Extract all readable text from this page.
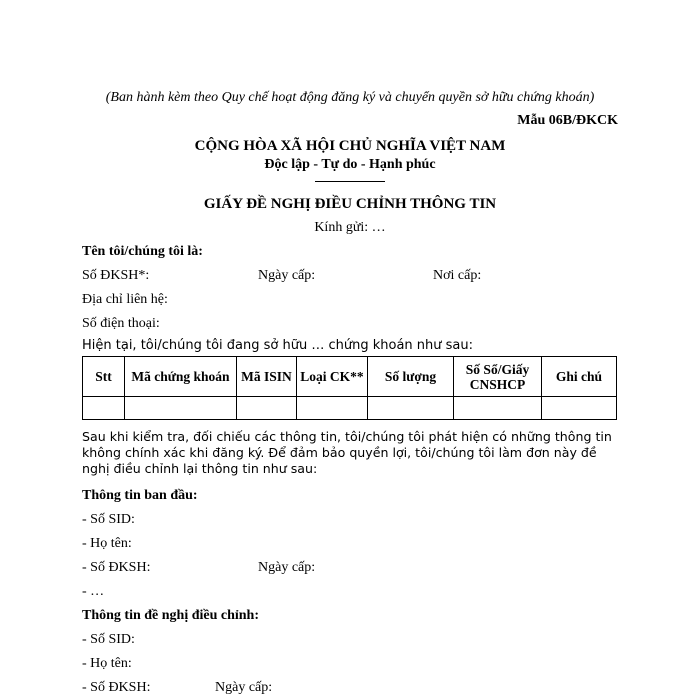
(Ban hành kèm theo Quy chế hoạt động đăng ký và chuyển quyền sở hữu chứng khoán)
Mẫu 06B/ĐKCK
CỘNG HÒA XÃ HỘI CHỦ NGHĨA VIỆT NAM
Độc lập - Tự do - Hạnh phúc
GIẤY ĐỀ NGHỊ ĐIỀU CHỈNH THÔNG TIN
Kính gửi: …
Tên tôi/chúng tôi là:
Số ĐKSH*:	Ngày cấp:	Nơi cấp:
Địa chỉ liên hệ:
Số điện thoại:
Hiện tại, tôi/chúng tôi đang sở hữu … chứng khoán như sau:
Stt	Mã chứng khoán	Mã ISIN	Loại CK**	Số lượng	Số Sổ/Giấy CNSHCP	Ghi chú

Sau khi kiểm tra, đối chiếu các thông tin, tôi/chúng tôi phát hiện có những thông tin không chính xác khi đăng ký. Để đảm bảo quyền lợi, tôi/chúng tôi làm đơn này đề nghị điều chỉnh lại thông tin như sau:
Thông tin ban đầu:
- Số SID:
- Họ tên:
- Số ĐKSH:	Ngày cấp:
- …
Thông tin đề nghị điều chỉnh:
- Số SID:
- Họ tên:
- Số ĐKSH:	Ngày cấp:
